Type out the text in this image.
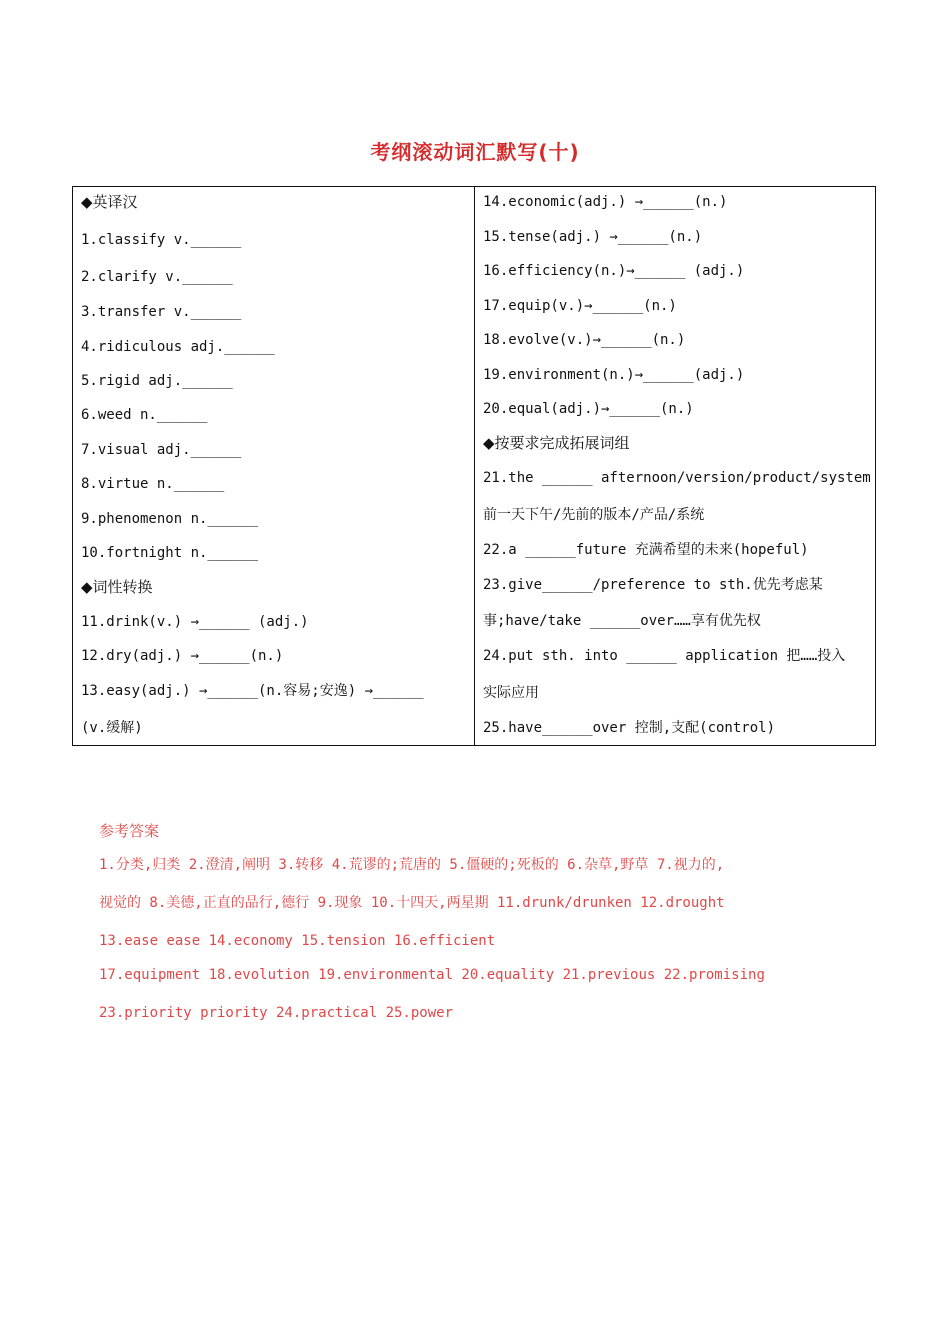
考纲滚动词汇默写(十)
◆英译汉
1.classify v.______
2.clarify v.______
3.transfer v.______
4.ridiculous adj.______
5.rigid adj.______
6.weed n.______
7.visual adj.______
8.virtue n.______
9.phenomenon n.______
10.fortnight n.______
◆词性转换
11.drink(v.) →______ (adj.)
12.dry(adj.) →______(n.)
13.easy(adj.) →______(n.容易;安逸) →______
(v.缓解)
14.economic(adj.) →______(n.)
15.tense(adj.) →______(n.)
16.efficiency(n.)→______ (adj.)
17.equip(v.)→______(n.)
18.evolve(v.)→______(n.)
19.environment(n.)→______(adj.)
20.equal(adj.)→______(n.)
◆按要求完成拓展词组
21.the ______ afternoon/version/product/system
前一天下午/先前的版本/产品/系统
22.a ______future 充满希望的未来(hopeful)
23.give______/preference to sth.优先考虑某
事;have/take ______over……享有优先权
24.put sth. into ______ application 把……投入
实际应用
25.have______over 控制,支配(control)
参考答案
1.分类,归类 2.澄清,阐明 3.转移 4.荒谬的;荒唐的 5.僵硬的;死板的 6.杂草,野草 7.视力的,
视觉的 8.美德,正直的品行,德行 9.现象 10.十四天,两星期 11.drunk/drunken 12.drought
13.ease ease 14.economy 15.tension 16.efficient
17.equipment 18.evolution 19.environmental 20.equality 21.previous 22.promising
23.priority priority 24.practical 25.power
